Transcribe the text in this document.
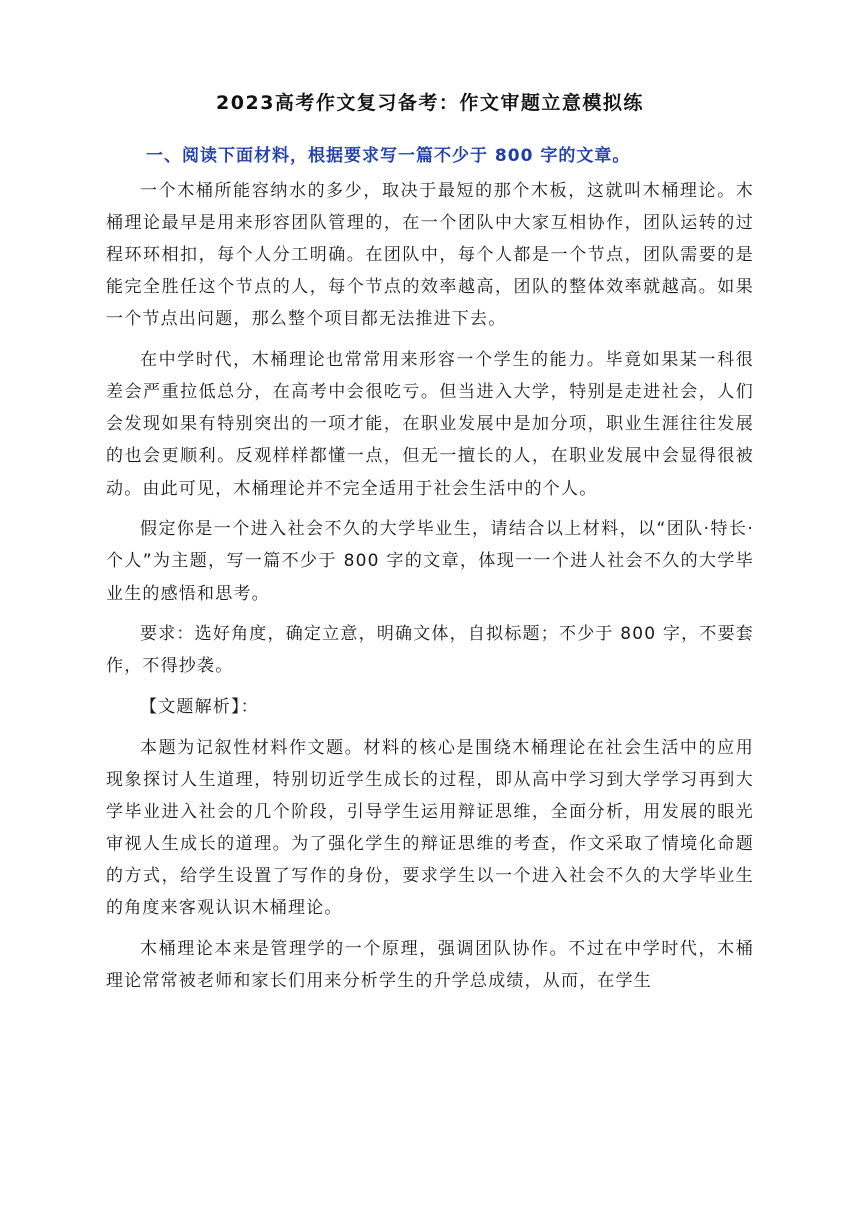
2023高考作文复习备考：作文审题立意模拟练
一、阅读下面材料，根据要求写一篇不少于 800 字的文章。

一个木桶所能容纳水的多少，取决于最短的那个木板，这就叫木桶理论。木桶理论最早是用来形容团队管理的，在一个团队中大家互相协作，团队运转的过程环环相扣，每个人分工明确。在团队中，每个人都是一个节点，团队需要的是能完全胜任这个节点的人，每个节点的效率越高，团队的整体效率就越高。如果一个节点出问题，那么整个项目都无法推进下去。

在中学时代，木桶理论也常常用来形容一个学生的能力。毕竟如果某一科很差会严重拉低总分，在高考中会很吃亏。但当进入大学，特别是走进社会，人们会发现如果有特别突出的一项才能，在职业发展中是加分项，职业生涯往往发展的也会更顺利。反观样样都懂一点，但无一擅长的人，在职业发展中会显得很被动。由此可见，木桶理论并不完全适用于社会生活中的个人。

假定你是一个进入社会不久的大学毕业生，请结合以上材料，以“团队·特长·个人”为主题，写一篇不少于 800 字的文章，体现一一个进人社会不久的大学毕业生的感悟和思考。

要求：选好角度，确定立意，明确文体，自拟标题；不少于 800 字，不要套作，不得抄袭。

【文题解析】：

本题为记叙性材料作文题。材料的核心是围绕木桶理论在社会生活中的应用现象探讨人生道理，特别切近学生成长的过程，即从高中学习到大学学习再到大学毕业进入社会的几个阶段，引导学生运用辩证思维，全面分析，用发展的眼光审视人生成长的道理。为了强化学生的辩证思维的考查，作文采取了情境化命题的方式，给学生设置了写作的身份，要求学生以一个进入社会不久的大学毕业生的角度来客观认识木桶理论。

木桶理论本来是管理学的一个原理，强调团队协作。不过在中学时代，木桶理论常常被老师和家长们用来分析学生的升学总成绩，从而，在学生
